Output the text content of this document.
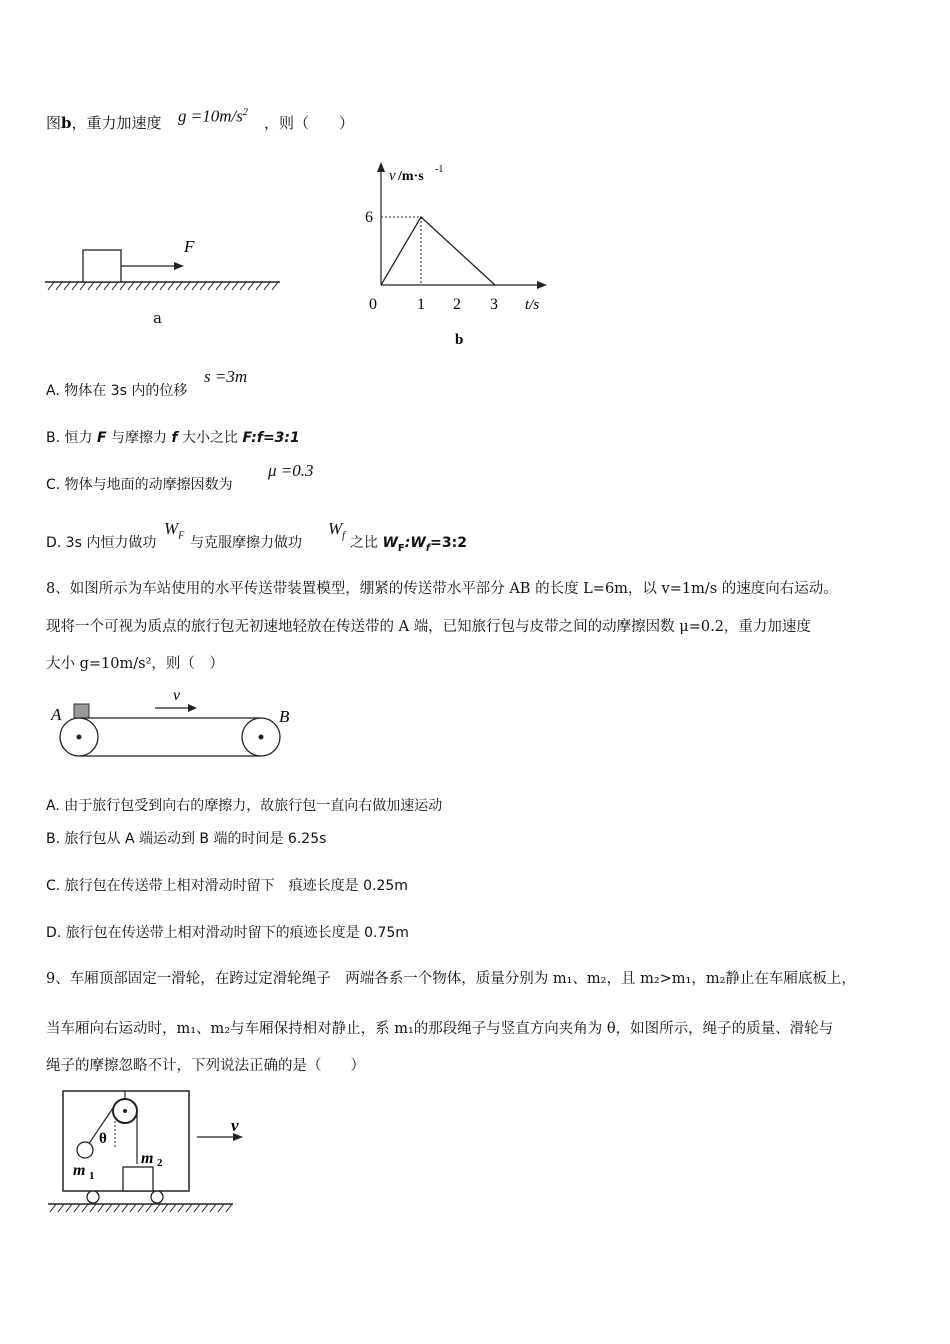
图b，重力加速度 $g =10m/s^2$
，则（　　）
F
a
v /m·s -1
t/s
6
0	1 2 3
b
A. 物体在 3s 内的位移
s =3m
B. 恒力 F 与摩擦力 f 大小之比 F:f=3:1
C. 物体与地面的动摩擦因数为
μ =0.3
D. 3s 内恒力做功
$W_F$ 与克服摩擦力做功
$W_f$ 之比 $W_F:W_f=3:2$
8、如图所示为车站使用的水平传送带装置模型，绷紧的传送带水平部分 AB 的长度 L=6m，以 v=1m/s 的速度向右运动。
现将一个可视为质点的旅行包无初速地轻放在传送带的 A 端，已知旅行包与皮带之间的动摩擦因数 μ=0.2，重力加速度
大小 g=10m/s²，则（　）
A	B
v
A. 由于旅行包受到向右的摩擦力，故旅行包一直向右做加速运动
B. 旅行包从 A 端运动到 B 端的时间是 6.25s
C. 旅行包在传送带上相对滑动时留下　痕迹长度是 0.25m
D. 旅行包在传送带上相对滑动时留下的痕迹长度是 0.75m
9、车厢顶部固定一滑轮，在跨过定滑轮绳子　两端各系一个物体，质量分别为 m₁、m₂，且 m₂>m₁，m₂静止在车厢底板上，
当车厢向右运动时，m₁、m₂与车厢保持相对静止，系 m₁的那段绳子与竖直方向夹角为 θ，如图所示，绳子的质量、滑轮与
绳子的摩擦忽略不计，下列说法正确的是（　　）
θ
m 1
m 2
v
